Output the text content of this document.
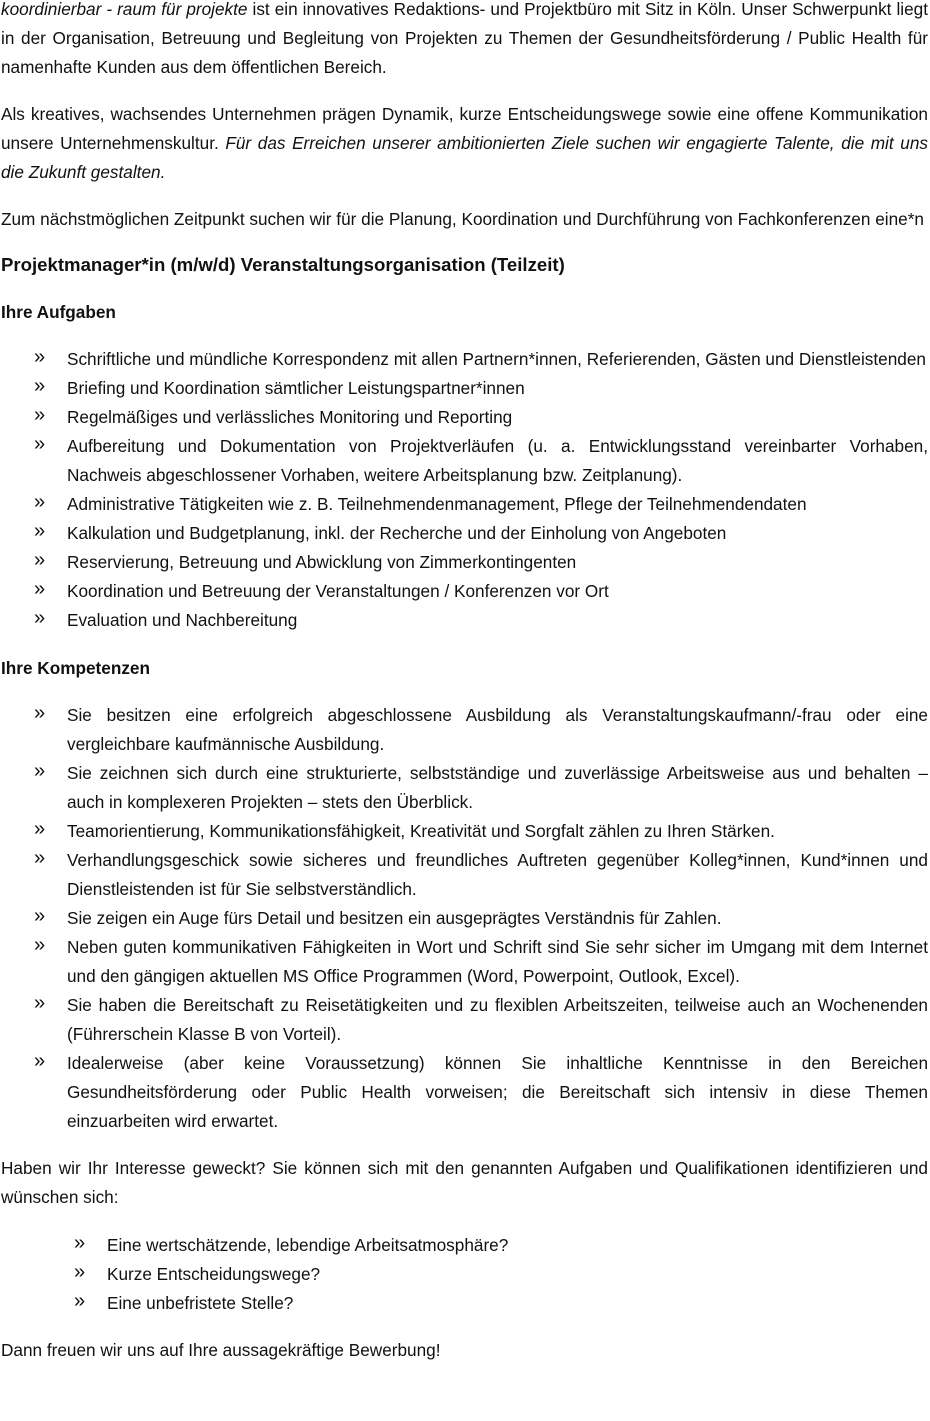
koordinierbar - raum für projekte ist ein innovatives Redaktions- und Projektbüro mit Sitz in Köln. Unser Schwerpunkt liegt in der Organisation, Betreuung und Begleitung von Projekten zu Themen der Gesundheitsförderung / Public Health für namenhafte Kunden aus dem öffentlichen Bereich.

Als kreatives, wachsendes Unternehmen prägen Dynamik, kurze Entscheidungswege sowie eine offene Kommunikation unsere Unternehmenskultur. Für das Erreichen unserer ambitionierten Ziele suchen wir engagierte Talente, die mit uns die Zukunft gestalten.

Zum nächstmöglichen Zeitpunkt suchen wir für die Planung, Koordination und Durchführung von Fachkonferenzen eine*n

Projektmanager*in (m/w/d) Veranstaltungsorganisation (Teilzeit)
Ihre Aufgaben
» Schriftliche und mündliche Korrespondenz mit allen Partnern*innen, Referierenden, Gästen und Dienstleistenden
» Briefing und Koordination sämtlicher Leistungspartner*innen
» Regelmäßiges und verlässliches Monitoring und Reporting
» Aufbereitung und Dokumentation von Projektverläufen (u. a. Entwicklungsstand vereinbarter Vorhaben, Nachweis abgeschlossener Vorhaben, weitere Arbeitsplanung bzw. Zeitplanung).
» Administrative Tätigkeiten wie z. B. Teilnehmendenmanagement, Pflege der Teilnehmendendaten
» Kalkulation und Budgetplanung, inkl. der Recherche und der Einholung von Angeboten
» Reservierung, Betreuung und Abwicklung von Zimmerkontingenten
» Koordination und Betreuung der Veranstaltungen / Konferenzen vor Ort
» Evaluation und Nachbereitung
Ihre Kompetenzen
» Sie besitzen eine erfolgreich abgeschlossene Ausbildung als Veranstaltungskaufmann/-frau oder eine vergleichbare kaufmännische Ausbildung.
» Sie zeichnen sich durch eine strukturierte, selbstständige und zuverlässige Arbeitsweise aus und behalten – auch in komplexeren Projekten – stets den Überblick.
» Teamorientierung, Kommunikationsfähigkeit, Kreativität und Sorgfalt zählen zu Ihren Stärken.
» Verhandlungsgeschick sowie sicheres und freundliches Auftreten gegenüber Kolleg*innen, Kund*innen und Dienstleistenden ist für Sie selbstverständlich.
» Sie zeigen ein Auge fürs Detail und besitzen ein ausgeprägtes Verständnis für Zahlen.
» Neben guten kommunikativen Fähigkeiten in Wort und Schrift sind Sie sehr sicher im Umgang mit dem Internet und den gängigen aktuellen MS Office Programmen (Word, Powerpoint, Outlook, Excel).
» Sie haben die Bereitschaft zu Reisetätigkeiten und zu flexiblen Arbeitszeiten, teilweise auch an Wochenenden (Führerschein Klasse B von Vorteil).
» Idealerweise (aber keine Voraussetzung) können Sie inhaltliche Kenntnisse in den Bereichen Gesundheitsförderung oder Public Health vorweisen; die Bereitschaft sich intensiv in diese Themen einzuarbeiten wird erwartet.

Haben wir Ihr Interesse geweckt? Sie können sich mit den genannten Aufgaben und Qualifikationen identifizieren und wünschen sich:

» Eine wertschätzende, lebendige Arbeitsatmosphäre?
» Kurze Entscheidungswege?
» Eine unbefristete Stelle?

Dann freuen wir uns auf Ihre aussagekräftige Bewerbung!
